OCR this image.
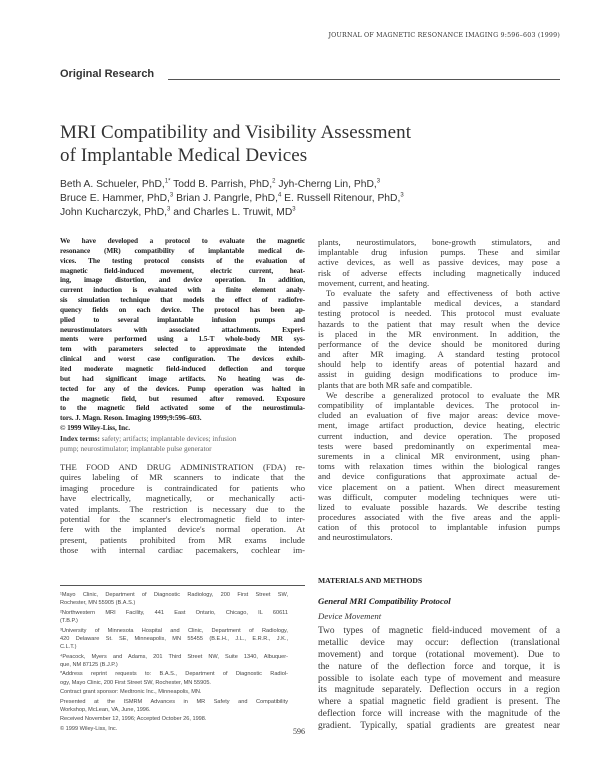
JOURNAL OF MAGNETIC RESONANCE IMAGING 9:596–603 (1999)
Original Research
MRI Compatibility and Visibility Assessment
of Implantable Medical Devices
Beth A. Schueler, PhD,$^{1*}$ Todd B. Parrish, PhD,$^2$ Jyh-Cherng Lin, PhD,$^3$
Bruce E. Hammer, PhD,$^3$ Brian J. Pangrle, PhD,$^4$ E. Russell Ritenour, PhD,$^3$
John Kucharczyk, PhD,$^3$ and Charles L. Truwit, $MD^3$
We have developed a protocol to evaluate the magnetic
resonance (MR) compatibility of implantable medical de-
vices. The testing protocol consists of the evaluation of
magnetic field-induced movement, electric current, heat-
ing, image distortion, and device operation. In addition,
current induction is evaluated with a finite element analy-
sis simulation technique that models the effect of radiofre-
quency fields on each device. The protocol has been ap-
plied to several implantable infusion pumps and
neurostimulators with associated attachments. Experi-
ments were performed using a 1.5-T whole-body MR sys-
tem with parameters selected to approximate the intended
clinical and worst case configuration. The devices exhib-
ited moderate magnetic field-induced deflection and torque
but had significant image artifacts. No heating was de-
tected for any of the devices. Pump operation was halted in
the magnetic field, but resumed after removed. Exposure
to the magnetic field activated some of the neurostimula-
tors. J. Magn. Reson. Imaging 1999;9:596–603.
© 1999 Wiley-Liss, Inc.
Index terms: safety; artifacts; implantable devices; infusion
pump; neurostimulator; implantable pulse generator
THE FOOD AND DRUG ADMINISTRATION (FDA) re-
quires labeling of MR scanners to indicate that the
imaging procedure is contraindicated for patients who
have electrically, magnetically, or mechanically acti-
vated implants. The restriction is necessary due to the
potential for the scanner's electromagnetic field to inter-
fere with the implanted device's normal operation. At
present, patients prohibited from MR exams include
those with internal cardiac pacemakers, cochlear im-
¹Mayo Clinic, Department of Diagnostic Radiology, 200 First Street SW,
Rochester, MN 55905 (B.A.S.)
²Northwestern MRI Facility, 441 East Ontario, Chicago, IL 60611
(T.B.P.)
³University of Minnesota Hospital and Clinic, Department of Radiology,
420 Delaware St. SE, Minneapolis, MN 55455 (B.E.H., J.L., E.R.R., J.K.,
C.L.T.)
⁴Peacock, Myers and Adams, 201 Third Street NW, Suite 1340, Albuquer-
que, NM 87125 (B.J.P.)
*Address reprint requests to: B.A.S., Department of Diagnostic Radiol-
ogy, Mayo Clinic, 200 First Street SW, Rochester, MN 55905.
Contract grant sponsor: Medtronic Inc., Minneapolis, MN.
Presented at the ISMRM Advances in MR Safety and Compatibility
Workshop, McLean, VA, June, 1996.
Received November 12, 1996; Accepted October 26, 1998.
© 1999 Wiley-Liss, Inc.	596
plants, neurostimulators, bone-growth stimulators, and
implantable drug infusion pumps. These and similar
active devices, as well as passive devices, may pose a
risk of adverse effects including magnetically induced
movement, current, and heating.
To evaluate the safety and effectiveness of both active
and passive implantable medical devices, a standard
testing protocol is needed. This protocol must evaluate
hazards to the patient that may result when the device
is placed in the MR environment. In addition, the
performance of the device should be monitored during
and after MR imaging. A standard testing protocol
should help to identify areas of potential hazard and
assist in guiding design modifications to produce im-
plants that are both MR safe and compatible.
We describe a generalized protocol to evaluate the MR
compatibility of implantable devices. The protocol in-
cluded an evaluation of five major areas: device move-
ment, image artifact production, device heating, electric
current induction, and device operation. The proposed
tests were based predominantly on experimental mea-
surements in a clinical MR environment, using phan-
toms with relaxation times within the biological ranges
and device configurations that approximate actual de-
vice placement on a patient. When direct measurement
was difficult, computer modeling techniques were uti-
lized to evaluate possible hazards. We describe testing
procedures associated with the five areas and the appli-
cation of this protocol to implantable infusion pumps
and neurostimulators.
MATERIALS AND METHODS
General MRI Compatibility Protocol
Device Movement
Two types of magnetic field-induced movement of a
metallic device may occur: deflection (translational
movement) and torque (rotational movement). Due to
the nature of the deflection force and torque, it is
possible to isolate each type of movement and measure
its magnitude separately. Deflection occurs in a region
where a spatial magnetic field gradient is present. The
deflection force will increase with the magnitude of the
gradient. Typically, spatial gradients are greatest near
